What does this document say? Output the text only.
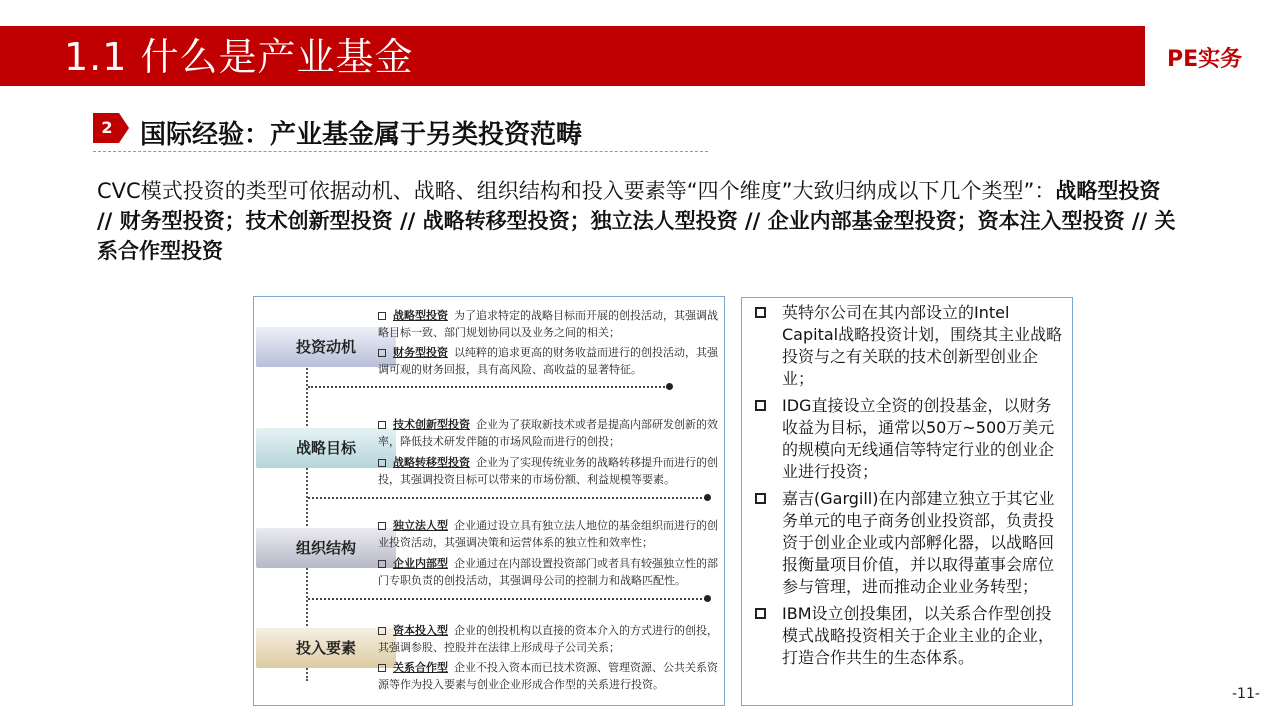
1.1 什么是产业基金	PE实务
2	国际经验：产业基金属于另类投资范畴
CVC模式投资的类型可依据动机、战略、组织结构和投入要素等“四个维度”大致归纳成以下几个类型”：战略型投资 // 财务型投资；技术创新型投资 // 战略转移型投资；独立法人型投资 // 企业内部基金型投资；资本注入型投资 // 关系合作型投资
投资动机
战略目标
组织结构
投入要素
战略型投资 为了追求特定的战略目标而开展的创投活动，其强调战略目标一致、部门规划协同以及业务之间的相关；
财务型投资 以纯粹的追求更高的财务收益而进行的创投活动，其强调可观的财务回报，具有高风险、高收益的显著特征。
技术创新型投资 企业为了获取新技术或者是提高内部研发创新的效率，降低技术研发伴随的市场风险而进行的创投；
战略转移型投资 企业为了实现传统业务的战略转移提升而进行的创投，其强调投资目标可以带来的市场份额、利益规模等要素。
独立法人型 企业通过设立具有独立法人地位的基金组织而进行的创业投资活动，其强调决策和运营体系的独立性和效率性；
企业内部型 企业通过在内部设置投资部门或者具有较强独立性的部门专职负责的创投活动，其强调母公司的控制力和战略匹配性。
资本投入型 企业的创投机构以直接的资本介入的方式进行的创投，其强调参股、控股并在法律上形成母子公司关系；
关系合作型 企业不投入资本而已技术资源、管理资源、公共关系资源等作为投入要素与创业企业形成合作型的关系进行投资。
英特尔公司在其内部设立的Intel Capital战略投资计划，围绕其主业战略投资与之有关联的技术创新型创业企业；
IDG直接设立全资的创投基金，以财务收益为目标，通常以50万~500万美元的规模向无线通信等特定行业的创业企业进行投资；
嘉吉(Gargill)在内部建立独立于其它业务单元的电子商务创业投资部，负责投资于创业企业或内部孵化器，以战略回报衡量项目价值，并以取得董事会席位参与管理，进而推动企业业务转型；
IBM设立创投集团，以关系合作型创投模式战略投资相关于企业主业的企业，打造合作共生的生态体系。
-11-
